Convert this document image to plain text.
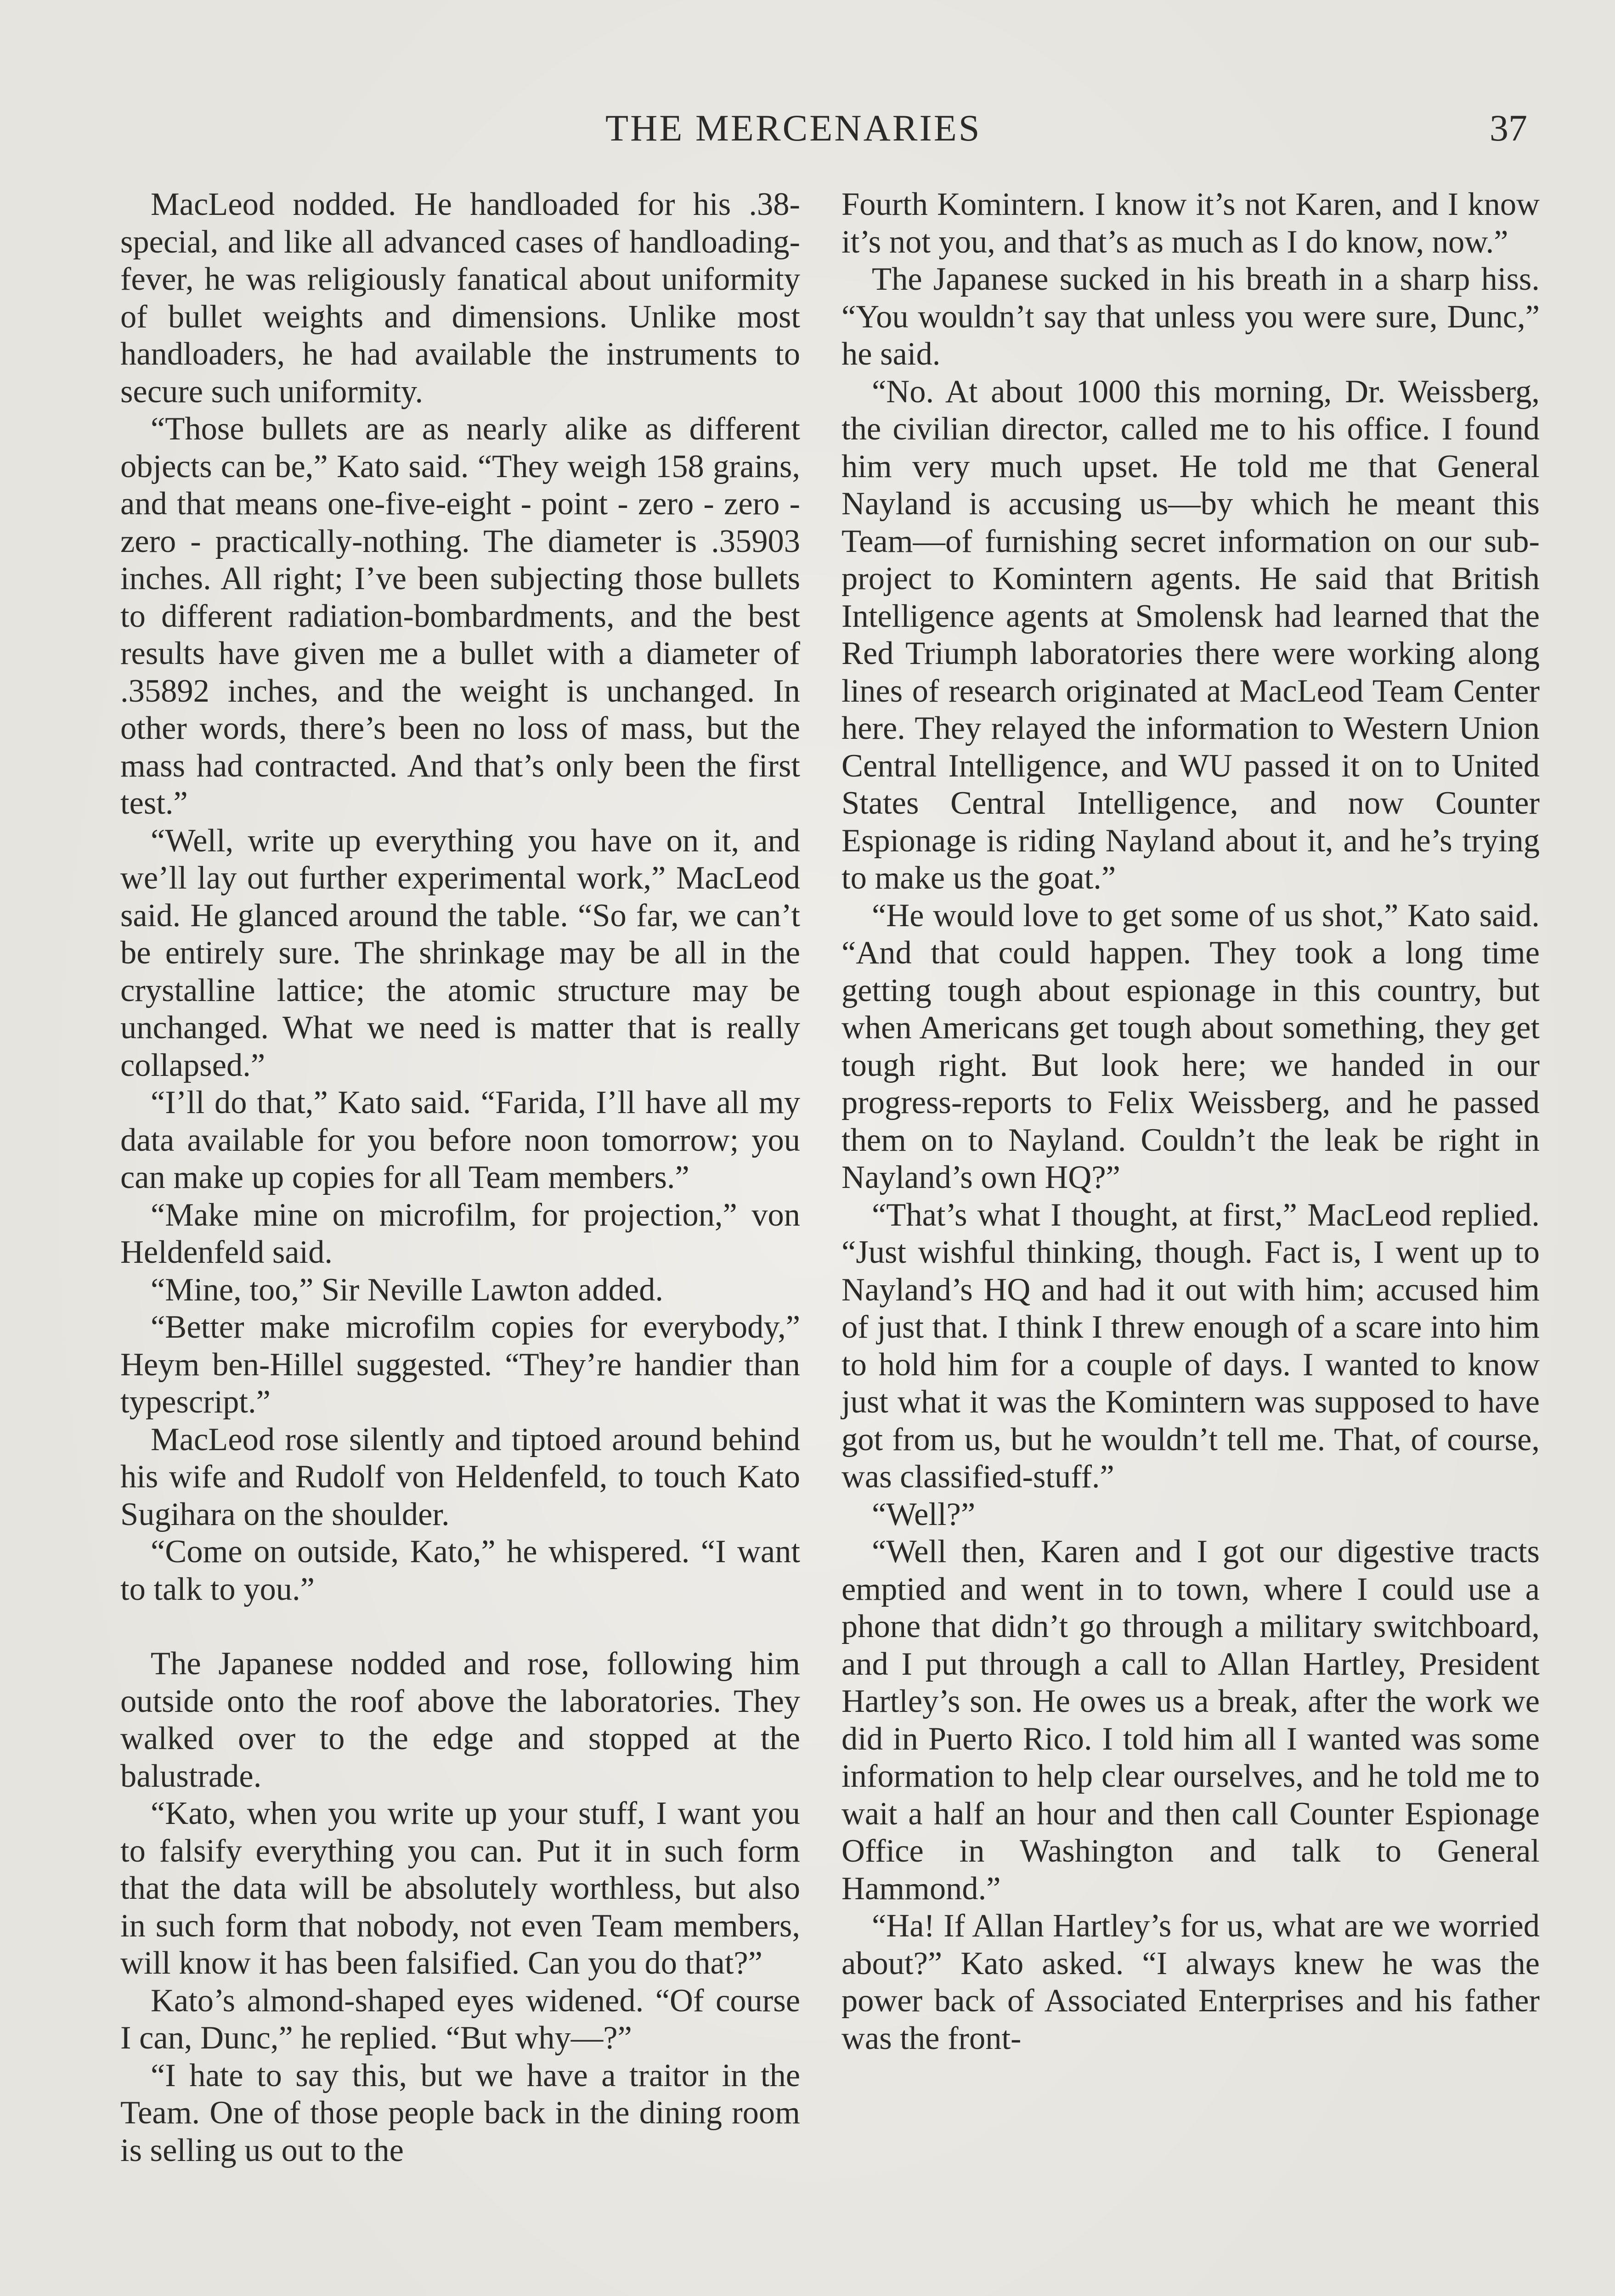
THE MERCENARIES	37

MacLeod nodded. He handloaded for his .38-special, and like all advanced cases of handloading-fever, he was religiously fanatical about uniformity of bullet weights and dimensions. Unlike most handloaders, he had available the instruments to secure such uniformity.

“Those bullets are as nearly alike as different objects can be,” Kato said. “They weigh 158 grains, and that means one-five-eight - point - zero - zero - zero - practically-nothing. The diameter is .35903 inches. All right; I’ve been subjecting those bullets to different radiation-bombardments, and the best results have given me a bullet with a diameter of .35892 inches, and the weight is unchanged. In other words, there’s been no loss of mass, but the mass had contracted. And that’s only been the first test.”

“Well, write up everything you have on it, and we’ll lay out further experimental work,” MacLeod said. He glanced around the table. “So far, we can’t be entirely sure. The shrinkage may be all in the crystalline lattice; the atomic structure may be unchanged. What we need is matter that is really collapsed.”

“I’ll do that,” Kato said. “Farida, I’ll have all my data available for you before noon tomorrow; you can make up copies for all Team members.”

“Make mine on microfilm, for projection,” von Heldenfeld said.

“Mine, too,” Sir Neville Lawton added.

“Better make microfilm copies for everybody,” Heym ben-Hillel suggested. “They’re handier than typescript.”

MacLeod rose silently and tiptoed around behind his wife and Rudolf von Heldenfeld, to touch Kato Sugihara on the shoulder.

“Come on outside, Kato,” he whispered. “I want to talk to you.”

The Japanese nodded and rose, following him outside onto the roof above the laboratories. They walked over to the edge and stopped at the balustrade.

“Kato, when you write up your stuff, I want you to falsify everything you can. Put it in such form that the data will be absolutely worthless, but also in such form that nobody, not even Team members, will know it has been falsified. Can you do that?”

Kato’s almond-shaped eyes widened. “Of course I can, Dunc,” he replied. “But why—?”

“I hate to say this, but we have a traitor in the Team. One of those people back in the dining room is selling us out to the

Fourth Komintern. I know it’s not Karen, and I know it’s not you, and that’s as much as I do know, now.”

The Japanese sucked in his breath in a sharp hiss. “You wouldn’t say that unless you were sure, Dunc,” he said.

“No. At about 1000 this morning, Dr. Weissberg, the civilian director, called me to his office. I found him very much upset. He told me that General Nayland is accusing us—by which he meant this Team—of furnishing secret information on our sub-project to Komintern agents. He said that British Intelligence agents at Smolensk had learned that the Red Triumph laboratories there were working along lines of research originated at MacLeod Team Center here. They relayed the information to Western Union Central Intelligence, and WU passed it on to United States Central Intelligence, and now Counter Espionage is riding Nayland about it, and he’s trying to make us the goat.”

“He would love to get some of us shot,” Kato said. “And that could happen. They took a long time getting tough about espionage in this country, but when Americans get tough about something, they get tough right. But look here; we handed in our progress-reports to Felix Weissberg, and he passed them on to Nayland. Couldn’t the leak be right in Nayland’s own HQ?”

“That’s what I thought, at first,” MacLeod replied. “Just wishful thinking, though. Fact is, I went up to Nayland’s HQ and had it out with him; accused him of just that. I think I threw enough of a scare into him to hold him for a couple of days. I wanted to know just what it was the Komintern was supposed to have got from us, but he wouldn’t tell me. That, of course, was classified-stuff.”

“Well?”

“Well then, Karen and I got our digestive tracts emptied and went in to town, where I could use a phone that didn’t go through a military switchboard, and I put through a call to Allan Hartley, President Hartley’s son. He owes us a break, after the work we did in Puerto Rico. I told him all I wanted was some information to help clear ourselves, and he told me to wait a half an hour and then call Counter Espionage Office in Washington and talk to General Hammond.”

“Ha! If Allan Hartley’s for us, what are we worried about?” Kato asked. “I always knew he was the power back of Associated Enterprises and his father was the front-
